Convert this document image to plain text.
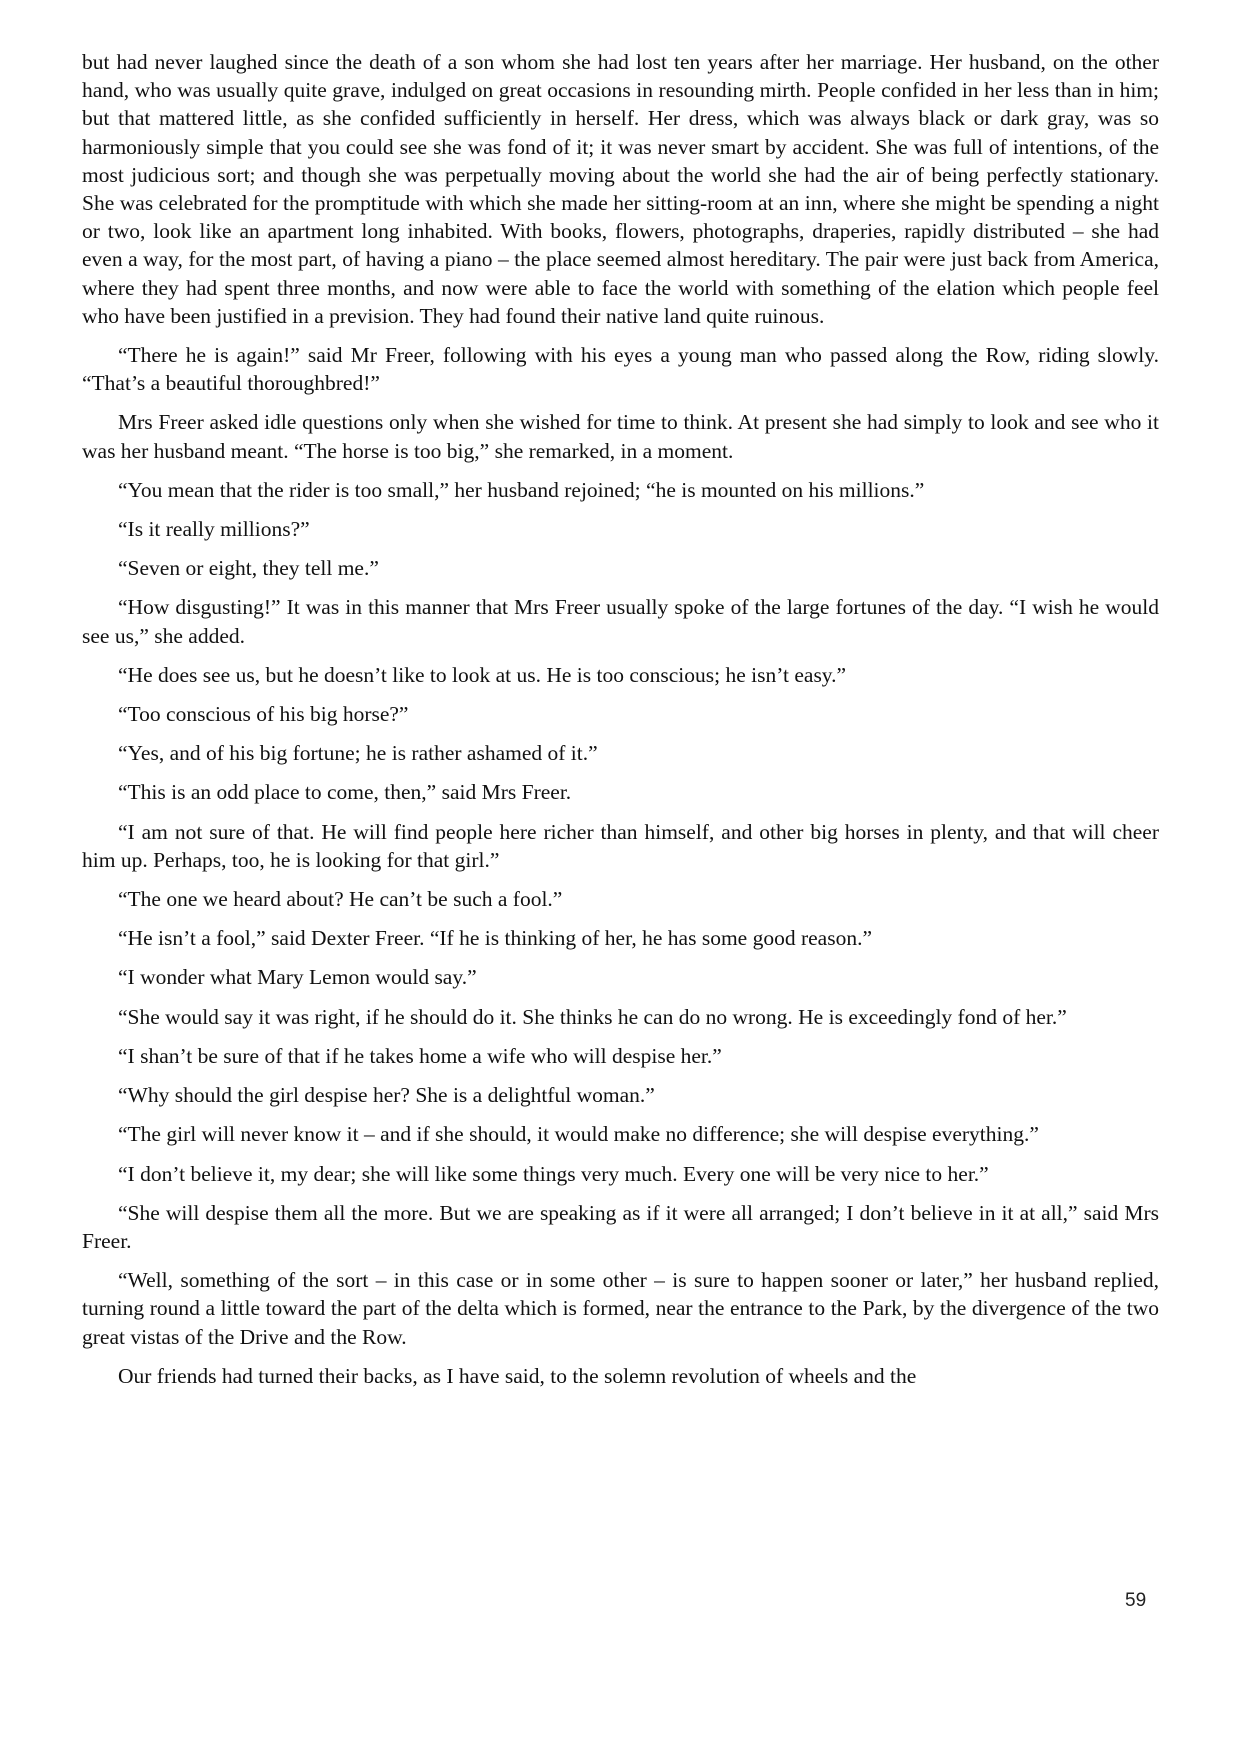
but had never laughed since the death of a son whom she had lost ten years after her marriage. Her husband, on the other hand, who was usually quite grave, indulged on great occasions in resounding mirth. People confided in her less than in him; but that mattered little, as she confided sufficiently in herself. Her dress, which was always black or dark gray, was so harmoniously simple that you could see she was fond of it; it was never smart by accident. She was full of intentions, of the most judicious sort; and though she was perpetually moving about the world she had the air of being perfectly stationary. She was celebrated for the promptitude with which she made her sitting-room at an inn, where she might be spending a night or two, look like an apartment long inhabited. With books, flowers, photographs, draperies, rapidly distributed – she had even a way, for the most part, of having a piano – the place seemed almost hereditary. The pair were just back from America, where they had spent three months, and now were able to face the world with something of the elation which people feel who have been justified in a prevision. They had found their native land quite ruinous.

“There he is again!” said Mr Freer, following with his eyes a young man who passed along the Row, riding slowly. “That’s a beautiful thoroughbred!”

Mrs Freer asked idle questions only when she wished for time to think. At present she had simply to look and see who it was her husband meant. “The horse is too big,” she remarked, in a moment.

“You mean that the rider is too small,” her husband rejoined; “he is mounted on his millions.”

“Is it really millions?”

“Seven or eight, they tell me.”

“How disgusting!” It was in this manner that Mrs Freer usually spoke of the large fortunes of the day. “I wish he would see us,” she added.

“He does see us, but he doesn’t like to look at us. He is too conscious; he isn’t easy.”

“Too conscious of his big horse?”

“Yes, and of his big fortune; he is rather ashamed of it.”

“This is an odd place to come, then,” said Mrs Freer.

“I am not sure of that. He will find people here richer than himself, and other big horses in plenty, and that will cheer him up. Perhaps, too, he is looking for that girl.”

“The one we heard about? He can’t be such a fool.”

“He isn’t a fool,” said Dexter Freer. “If he is thinking of her, he has some good reason.”

“I wonder what Mary Lemon would say.”

“She would say it was right, if he should do it. She thinks he can do no wrong. He is exceedingly fond of her.”

“I shan’t be sure of that if he takes home a wife who will despise her.”

“Why should the girl despise her? She is a delightful woman.”

“The girl will never know it – and if she should, it would make no difference; she will despise everything.”

“I don’t believe it, my dear; she will like some things very much. Every one will be very nice to her.”

“She will despise them all the more. But we are speaking as if it were all arranged; I don’t believe in it at all,” said Mrs Freer.

“Well, something of the sort – in this case or in some other – is sure to happen sooner or later,” her husband replied, turning round a little toward the part of the delta which is formed, near the entrance to the Park, by the divergence of the two great vistas of the Drive and the Row.

Our friends had turned their backs, as I have said, to the solemn revolution of wheels and the

59
